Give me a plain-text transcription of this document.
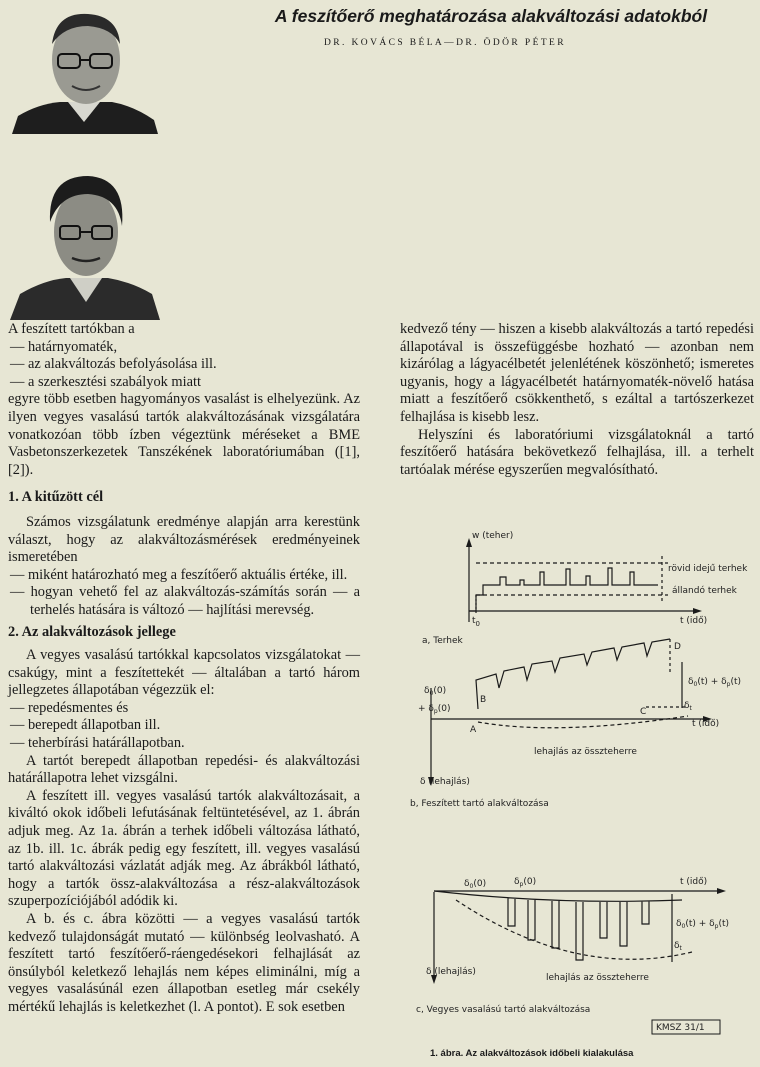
A feszítőerő meghatározása alakváltozási adatokból
DR. KOVÁCS BÉLA—DR. ÖDÖR PÉTER

A feszített tartókban a

— határnyomaték,

— az alakváltozás befolyásolása ill.

— a szerkesztési szabályok miatt

egyre több esetben hagyományos vasalást is elhelyezünk. Az ilyen vegyes vasalású tartók alakváltozásának vizsgálatára vonatkozóan több ízben végeztünk méréseket a BME Vasbetonszerkezetek Tanszékének laboratóriumában ([1], [2]).

1. A kitűzött cél

Számos vizsgálatunk eredménye alapján arra kerestünk választ, hogy az alakváltozásmérések eredményeinek ismeretében

— miként határozható meg a feszítőerő aktuális értéke, ill.

— hogyan vehető fel az alakváltozás-számítás során — a terhelés hatására is változó — hajlítási merevség.

2. Az alakváltozások jellege

A vegyes vasalású tartókkal kapcsolatos vizsgálatokat — csakúgy, mint a feszítettekét — általában a tartó három jellegzetes állapotában végezzük el:

— repedésmentes és

— berepedt állapotban ill.

— teherbírási határállapotban.

A tartót berepedt állapotban repedési- és alakváltozási határállapotra lehet vizsgálni.

A feszített ill. vegyes vasalású tartók alakváltozásait, a kiváltó okok időbeli lefutásának feltüntetésével, az 1. ábrán adjuk meg. Az 1a. ábrán a terhek időbeli változása látható, az 1b. ill. 1c. ábrák pedig egy feszített, ill. vegyes vasalású tartó alakváltozási vázlatát adják meg. Az ábrákból látható, hogy a tartók össz-alakváltozása a rész-alakváltozások szuperpozíciójából adódik ki.

A b. és c. ábra közötti — a vegyes vasalású tartók kedvező tulajdonságát mutató — különbség leolvasható. A feszített tartó feszítőerő-ráengedésekori felhajlását az önsúlyból keletkező lehajlás nem képes eliminálni, míg a vegyes vasalásúnál ezen állapotban esetleg már csekély mértékű lehajlás is keletkezhet (l. A pontot). E sok esetben

kedvező tény — hiszen a kisebb alakváltozás a tartó repedési állapotával is összefüggésbe hozható — azonban nem kizárólag a lágyacélbetét jelenlétének köszönhető; ismeretes ugyanis, hogy a lágyacélbetét határnyomaték-növelő hatása miatt a feszítőerő csökkenthető, s ezáltal a tartószerkezet felhajlása is kisebb lesz.

Helyszíni és laboratóriumi vizsgálatoknál a tartó feszítőerő hatására bekövetkező felhajlása, ill. a terhelt tartóalak mérése egyszerűen megvalósítható.

w (teher)
rövid idejű terhek
állandó terhek
$t_0$	t (idő)
a, Terhek
$\delta_0(0)$
+ $\delta_p(0)$
B
A
D
C
$\delta_0(t) + \delta_p(t)$
$\delta_t$
t (idő)
lehajlás az összteherre
δ (lehajlás)
b, Feszített tartó alakváltozása
$\delta_0(0)$	$\delta_p(0)$	t (idő)
$\delta_0(t) + \delta_p(t)$
$\delta_t$
δ (lehajlás)
lehajlás az összteherre
c, Vegyes vasalású tartó alakváltozása
KMSZ 31/1
1. ábra. Az alakváltozások időbeli kialakulása
